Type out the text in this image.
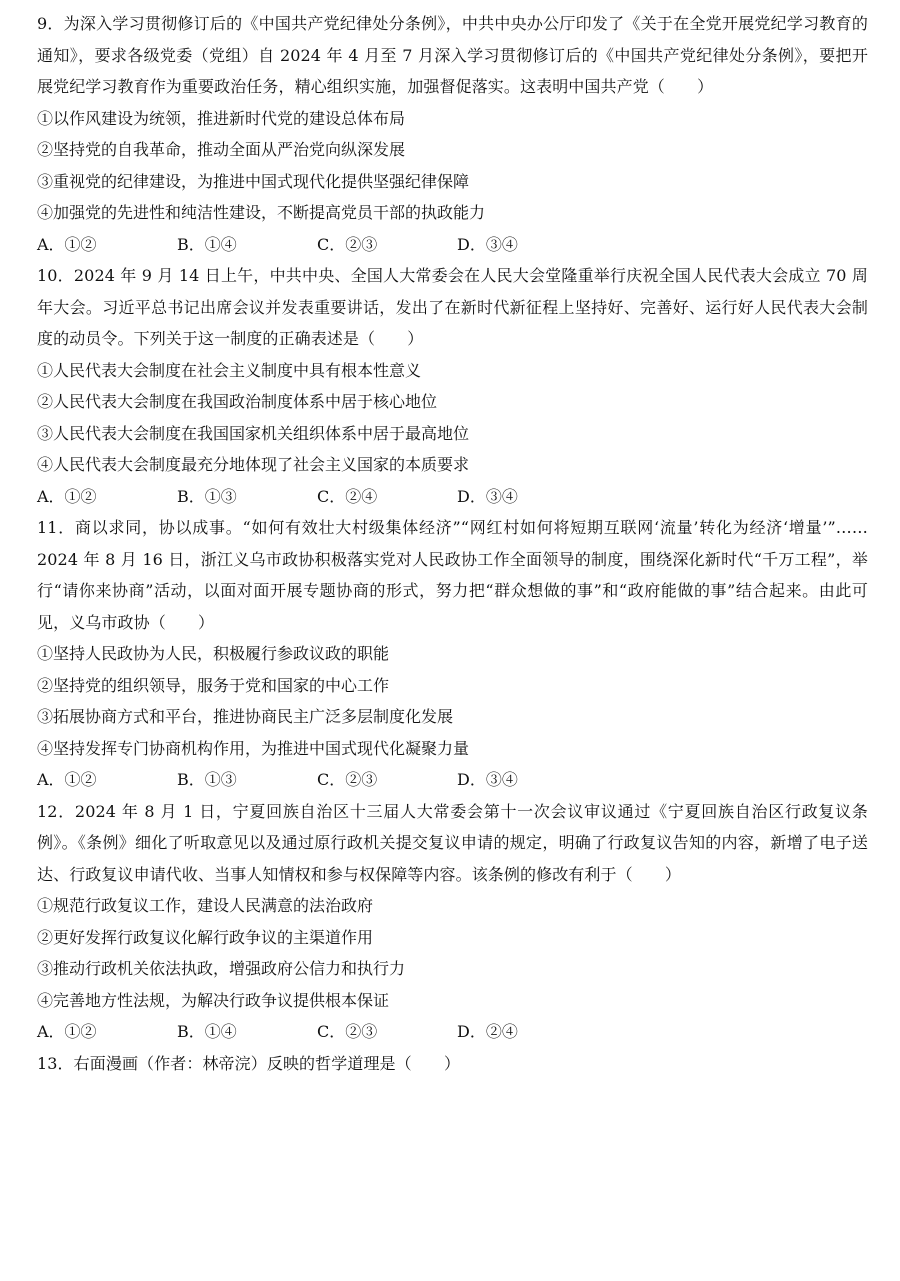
9．为深入学习贯彻修订后的《中国共产党纪律处分条例》，中共中央办公厅印发了《关于在全党开展党纪学习教育的通知》，要求各级党委（党组）自 2024 年 4 月至 7 月深入学习贯彻修订后的《中国共产党纪律处分条例》，要把开展党纪学习教育作为重要政治任务，精心组织实施，加强督促落实。这表明中国共产党（　　）

①以作风建设为统领，推进新时代党的建设总体布局

②坚持党的自我革命，推动全面从严治党向纵深发展

③重视党的纪律建设，为推进中国式现代化提供坚强纪律保障

④加强党的先进性和纯洁性建设，不断提高党员干部的执政能力

A．①②	B．①④	C．②③	D．③④

10．2024 年 9 月 14 日上午，中共中央、全国人大常委会在人民大会堂隆重举行庆祝全国人民代表大会成立 70 周年大会。习近平总书记出席会议并发表重要讲话，发出了在新时代新征程上坚持好、完善好、运行好人民代表大会制度的动员令。下列关于这一制度的正确表述是（　　）

①人民代表大会制度在社会主义制度中具有根本性意义

②人民代表大会制度在我国政治制度体系中居于核心地位

③人民代表大会制度在我国国家机关组织体系中居于最高地位

④人民代表大会制度最充分地体现了社会主义国家的本质要求

A．①②	B．①③	C．②④	D．③④

11．商以求同，协以成事。“如何有效壮大村级集体经济”“网红村如何将短期互联网‘流量’转化为经济‘增量’”……2024 年 8 月 16 日，浙江义乌市政协积极落实党对人民政协工作全面领导的制度，围绕深化新时代“千万工程”，举行“请你来协商”活动，以面对面开展专题协商的形式，努力把“群众想做的事”和“政府能做的事”结合起来。由此可见，义乌市政协（　　）

①坚持人民政协为人民，积极履行参政议政的职能

②坚持党的组织领导，服务于党和国家的中心工作

③拓展协商方式和平台，推进协商民主广泛多层制度化发展

④坚持发挥专门协商机构作用，为推进中国式现代化凝聚力量

A．①②	B．①③	C．②③	D．③④

12．2024 年 8 月 1 日，宁夏回族自治区十三届人大常委会第十一次会议审议通过《宁夏回族自治区行政复议条例》。《条例》细化了听取意见以及通过原行政机关提交复议申请的规定，明确了行政复议告知的内容，新增了电子送达、行政复议申请代收、当事人知情权和参与权保障等内容。该条例的修改有利于（　　）

①规范行政复议工作，建设人民满意的法治政府

②更好发挥行政复议化解行政争议的主渠道作用

③推动行政机关依法执政，增强政府公信力和执行力

④完善地方性法规，为解决行政争议提供根本保证

A．①②	B．①④	C．②③	D．②④

13．右面漫画（作者：林帝浣）反映的哲学道理是（　　）
